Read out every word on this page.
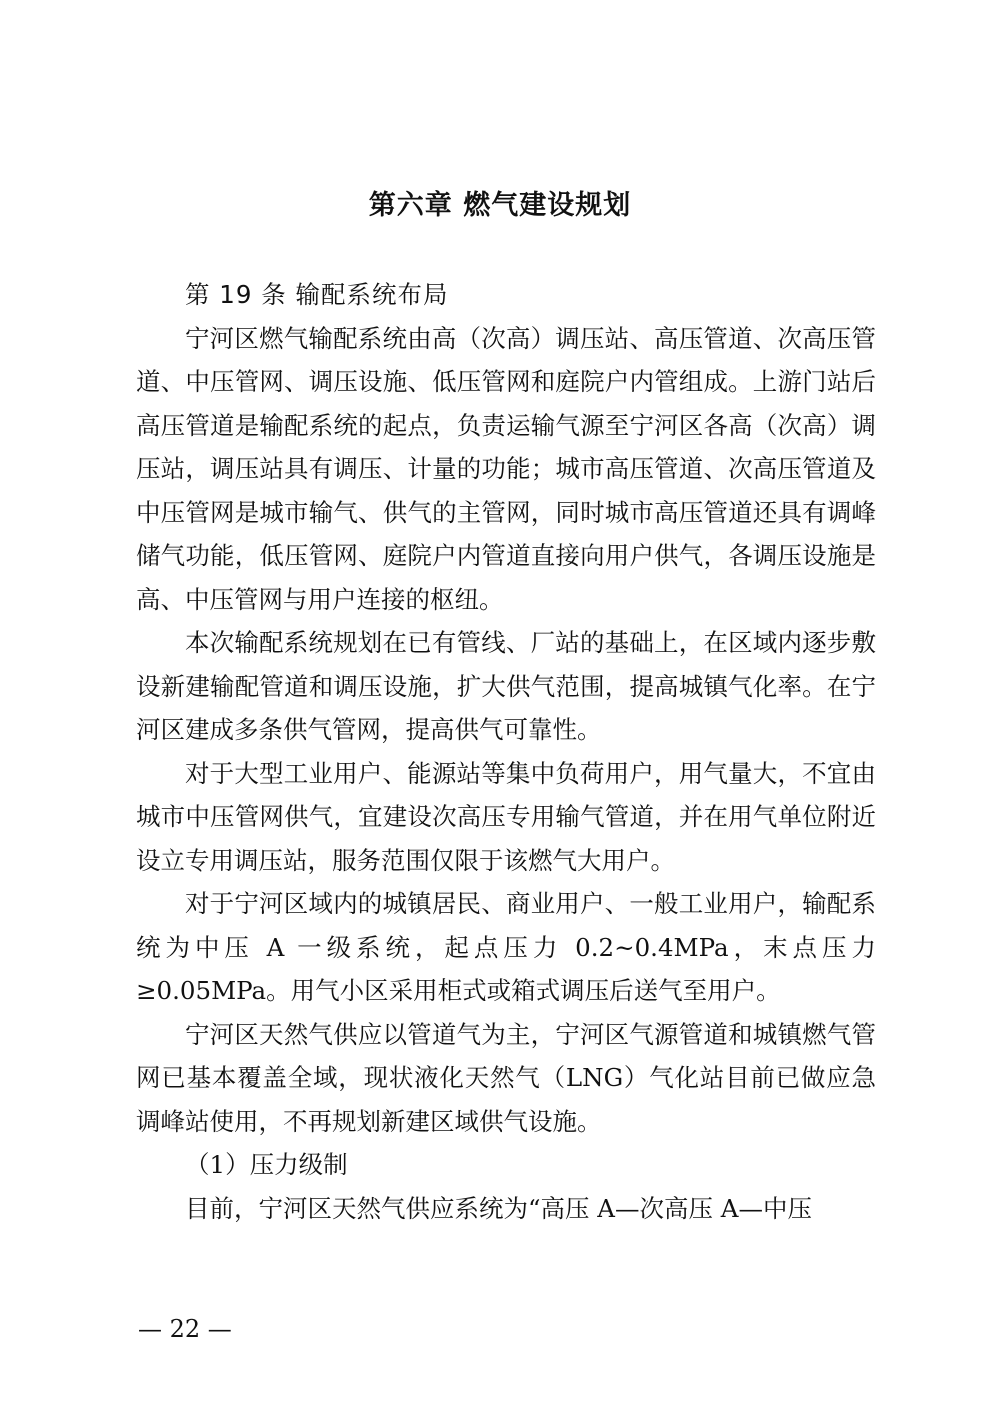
第六章 燃气建设规划

第 19 条 输配系统布局

宁河区燃气输配系统由高（次高）调压站、高压管道、次高压管道、中压管网、调压设施、低压管网和庭院户内管组成。上游门站后高压管道是输配系统的起点，负责运输气源至宁河区各高（次高）调压站，调压站具有调压、计量的功能；城市高压管道、次高压管道及中压管网是城市输气、供气的主管网，同时城市高压管道还具有调峰储气功能，低压管网、庭院户内管道直接向用户供气，各调压设施是高、中压管网与用户连接的枢纽。

本次输配系统规划在已有管线、厂站的基础上，在区域内逐步敷设新建输配管道和调压设施，扩大供气范围，提高城镇气化率。在宁河区建成多条供气管网，提高供气可靠性。

对于大型工业用户、能源站等集中负荷用户，用气量大，不宜由城市中压管网供气，宜建设次高压专用输气管道，并在用气单位附近设立专用调压站，服务范围仅限于该燃气大用户。

对于宁河区域内的城镇居民、商业用户、一般工业用户，输配系统为中压 A 一级系统，起点压力 0.2~0.4MPa，末点压力≥0.05MPa。用气小区采用柜式或箱式调压后送气至用户。

宁河区天然气供应以管道气为主，宁河区气源管道和城镇燃气管网已基本覆盖全域，现状液化天然气（LNG）气化站目前已做应急调峰站使用，不再规划新建区域供气设施。

（1）压力级制

目前，宁河区天然气供应系统为“高压 A—次高压 A—中压

— 22 —
